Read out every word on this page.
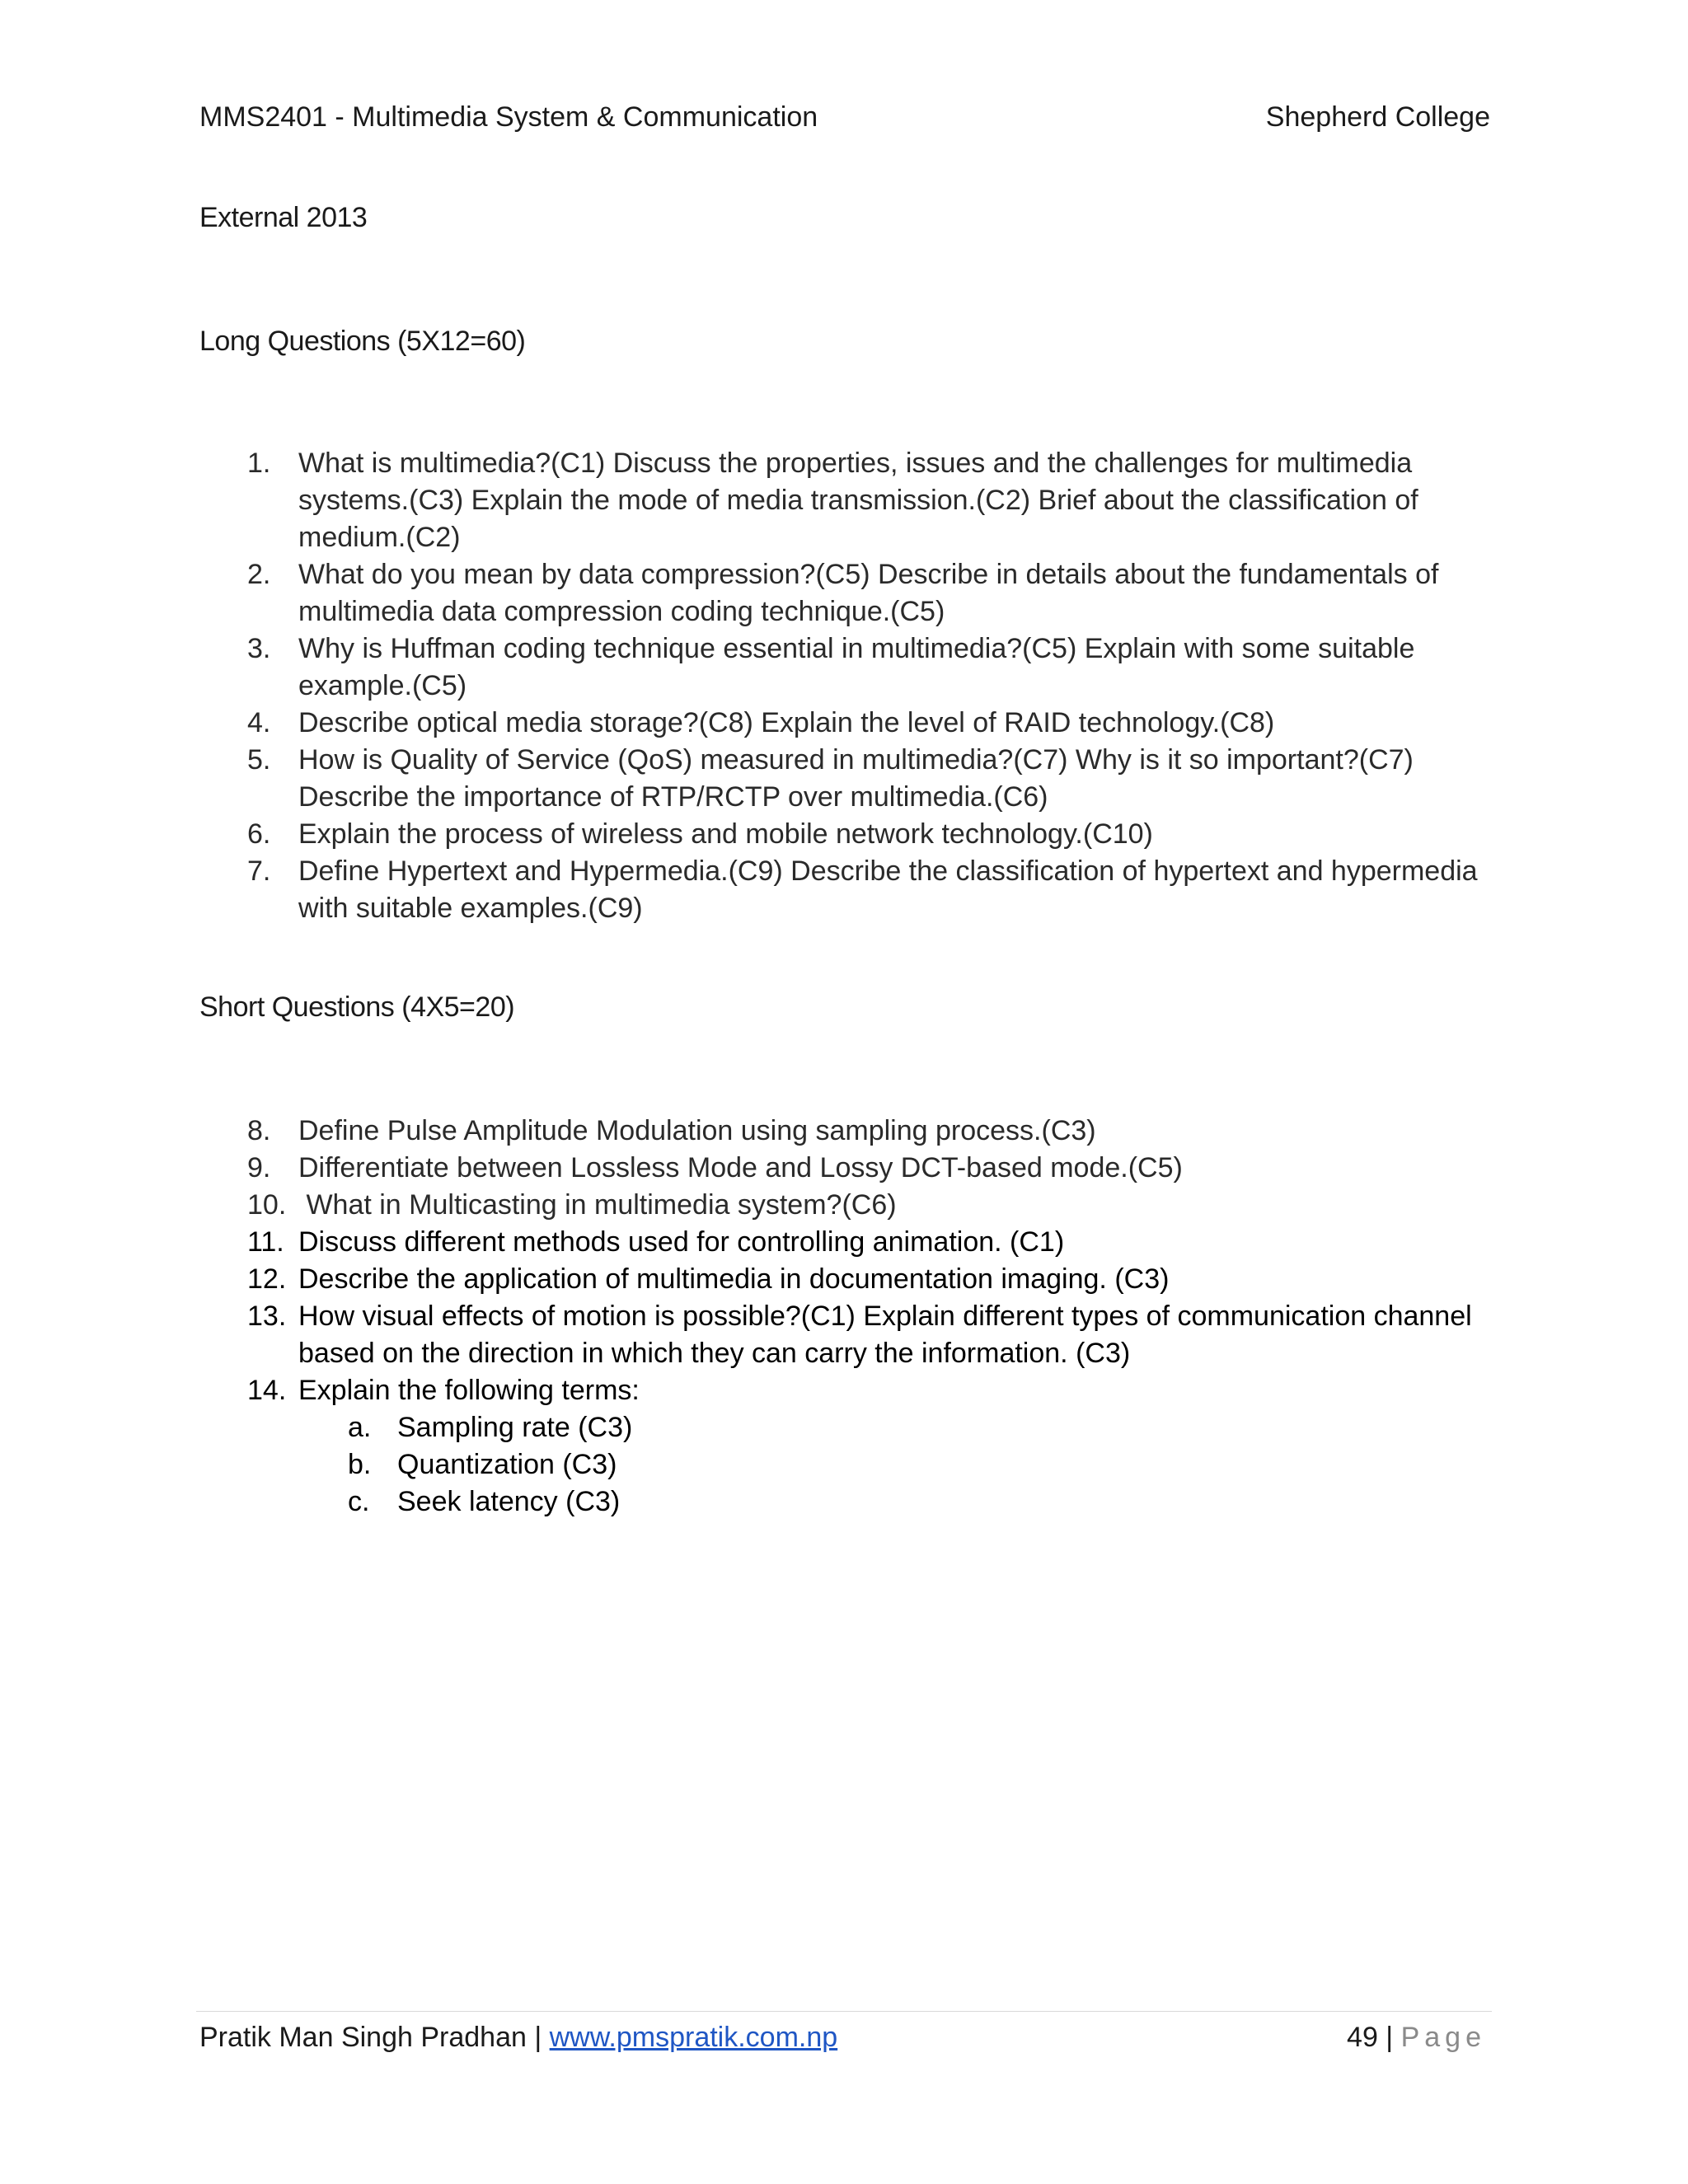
MMS2401 - Multimedia System & Communication	Shepherd College
External 2013
Long Questions (5X12=60)
1. What is multimedia?(C1) Discuss the properties, issues and the challenges for multimedia systems.(C3) Explain the mode of media transmission.(C2) Brief about the classification of medium.(C2)
2. What do you mean by data compression?(C5) Describe in details about the fundamentals of multimedia data compression coding technique.(C5)
3. Why is Huffman coding technique essential in multimedia?(C5) Explain with some suitable example.(C5)
4. Describe optical media storage?(C8) Explain the level of RAID technology.(C8)
5. How is Quality of Service (QoS) measured in multimedia?(C7) Why is it so important?(C7) Describe the importance of RTP/RCTP over multimedia.(C6)
6. Explain the process of wireless and mobile network technology.(C10)
7. Define Hypertext and Hypermedia.(C9) Describe the classification of hypertext and hypermedia with suitable examples.(C9)
Short Questions (4X5=20)
8. Define Pulse Amplitude Modulation using sampling process.(C3)
9. Differentiate between Lossless Mode and Lossy DCT-based mode.(C5)
10. What in Multicasting in multimedia system?(C6)
11. Discuss different methods used for controlling animation. (C1)
12. Describe the application of multimedia in documentation imaging. (C3)
13. How visual effects of motion is possible?(C1) Explain different types of communication channel based on the direction in which they can carry the information. (C3)
14. Explain the following terms:
a. Sampling rate (C3)
b. Quantization (C3)
c. Seek latency (C3)
Pratik Man Singh Pradhan | www.pmspratik.com.np	49 | Page
